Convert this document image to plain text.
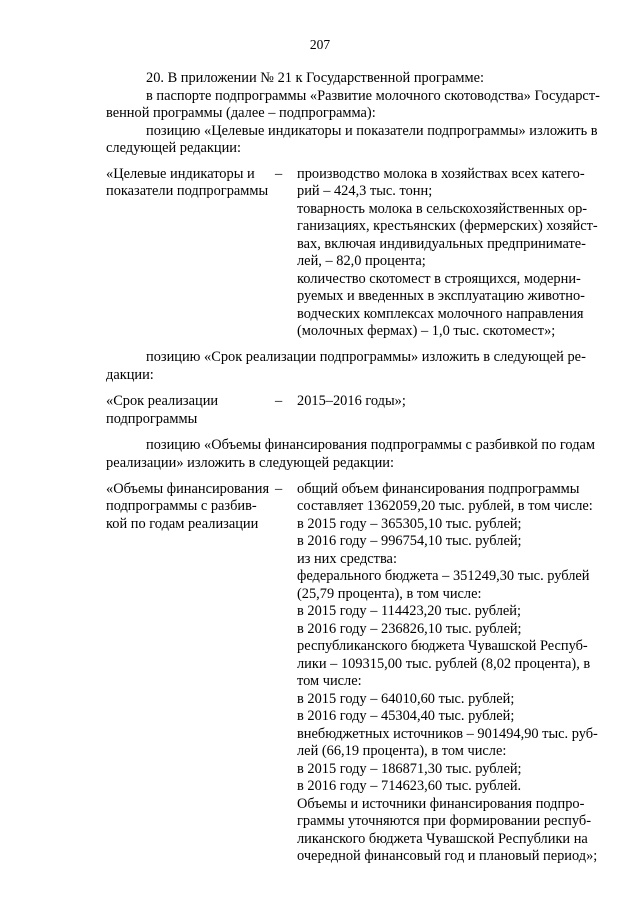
207
20. В приложении № 21 к Государственной программе:
в паспорте подпрограммы «Развитие молочного скотоводства» Государст-
венной программы (далее – подпрограмма):
позицию «Целевые индикаторы и показатели подпрограммы» изложить в
следующей редакции:
«Целевые индикаторы и
показатели подпрограммы
– производство молока в хозяйствах всех катего-
рий – 424,3 тыс. тонн;
товарность молока в сельскохозяйственных ор-
ганизациях, крестьянских (фермерских) хозяйст-
вах, включая индивидуальных предпринимате-
лей, – 82,0 процента;
количество скотомест в строящихся, модерни-
руемых и введенных в эксплуатацию животно-
водческих комплексах молочного направления
(молочных фермах) – 1,0 тыс. скотомест»;
позицию «Срок реализации подпрограммы» изложить в следующей ре-
дакции:
«Срок реализации
подпрограммы
– 2015–2016 годы»;
позицию «Объемы финансирования подпрограммы с разбивкой по годам
реализации» изложить в следующей редакции:
«Объемы финансирования
подпрограммы с разбив-
кой по годам реализации
– общий объем финансирования подпрограммы
составляет 1362059,20 тыс. рублей, в том числе:
в 2015 году – 365305,10 тыс. рублей;
в 2016 году – 996754,10 тыс. рублей;
из них средства:
федерального бюджета – 351249,30 тыс. рублей
(25,79 процента), в том числе:
в 2015 году – 114423,20 тыс. рублей;
в 2016 году – 236826,10 тыс. рублей;
республиканского бюджета Чувашской Респуб-
лики – 109315,00 тыс. рублей (8,02 процента), в
том числе:
в 2015 году – 64010,60 тыс. рублей;
в 2016 году – 45304,40 тыс. рублей;
внебюджетных источников – 901494,90 тыс. руб-
лей (66,19 процента), в том числе:
в 2015 году – 186871,30 тыс. рублей;
в 2016 году – 714623,60 тыс. рублей.
Объемы и источники финансирования подпро-
граммы уточняются при формировании респуб-
ликанского бюджета Чувашской Республики на
очередной финансовый год и плановый период»;
